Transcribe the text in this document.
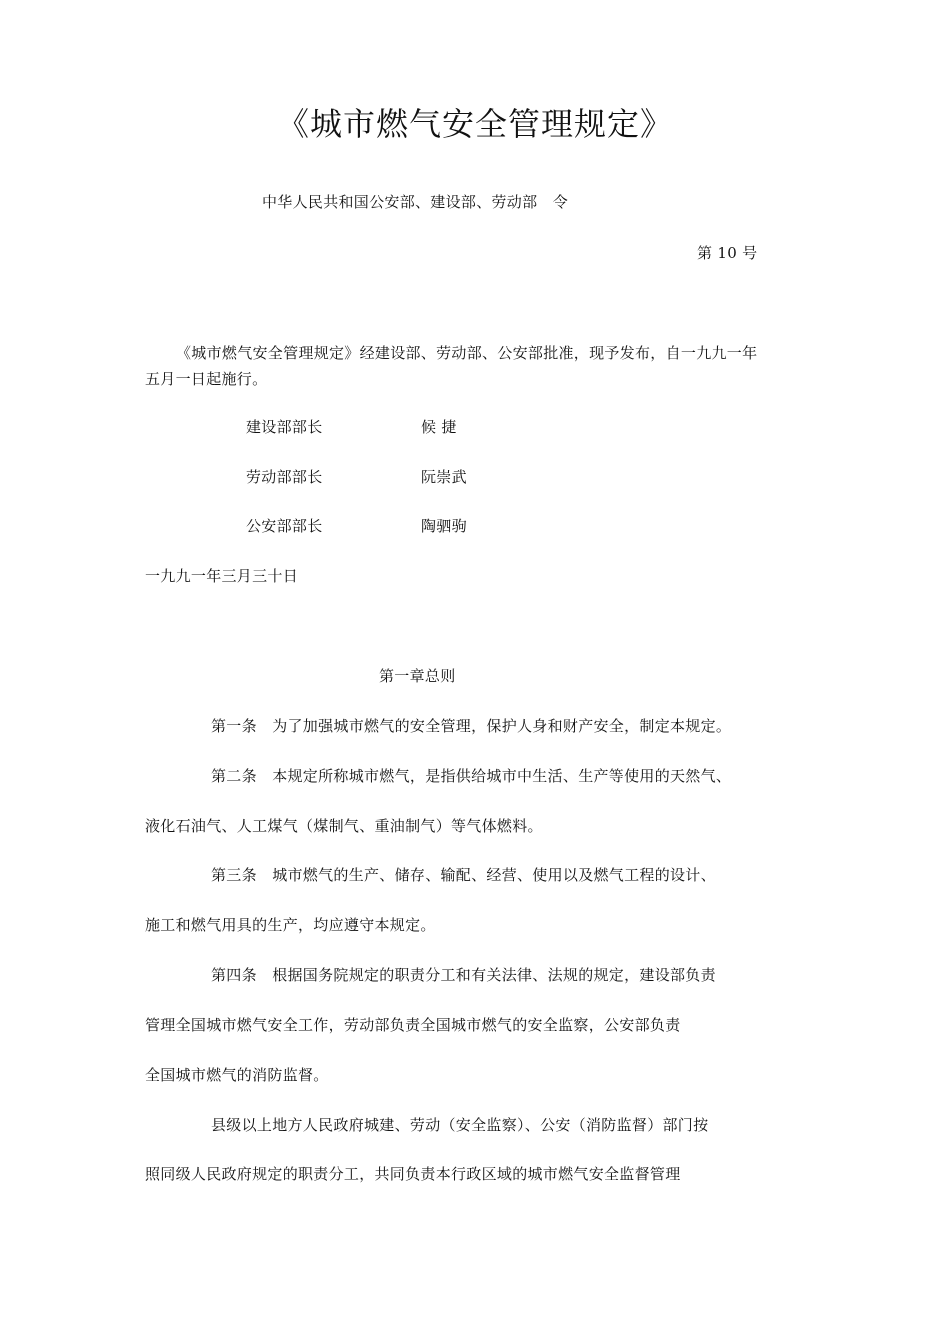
《城市燃气安全管理规定》
中华人民共和国公安部、建设部、劳动部　令
第 10 号
《城市燃气安全管理规定》经建设部、劳动部、公安部批准，现予发布，自一九九一年
五月一日起施行。
建设部部长	候 捷
劳动部部长	阮崇武
公安部部长	陶驷驹
一九九一年三月三十日
第一章总则
第一条　为了加强城市燃气的安全管理，保护人身和财产安全，制定本规定。
第二条　本规定所称城市燃气，是指供给城市中生活、生产等使用的天然气、
液化石油气、人工煤气（煤制气、重油制气）等气体燃料。
第三条　城市燃气的生产、储存、输配、经营、使用以及燃气工程的设计、
施工和燃气用具的生产，均应遵守本规定。
第四条　根据国务院规定的职责分工和有关法律、法规的规定，建设部负责
管理全国城市燃气安全工作，劳动部负责全国城市燃气的安全监察，公安部负责
全国城市燃气的消防监督。
县级以上地方人民政府城建、劳动（安全监察）、公安（消防监督）部门按
照同级人民政府规定的职责分工，共同负责本行政区域的城市燃气安全监督管理
